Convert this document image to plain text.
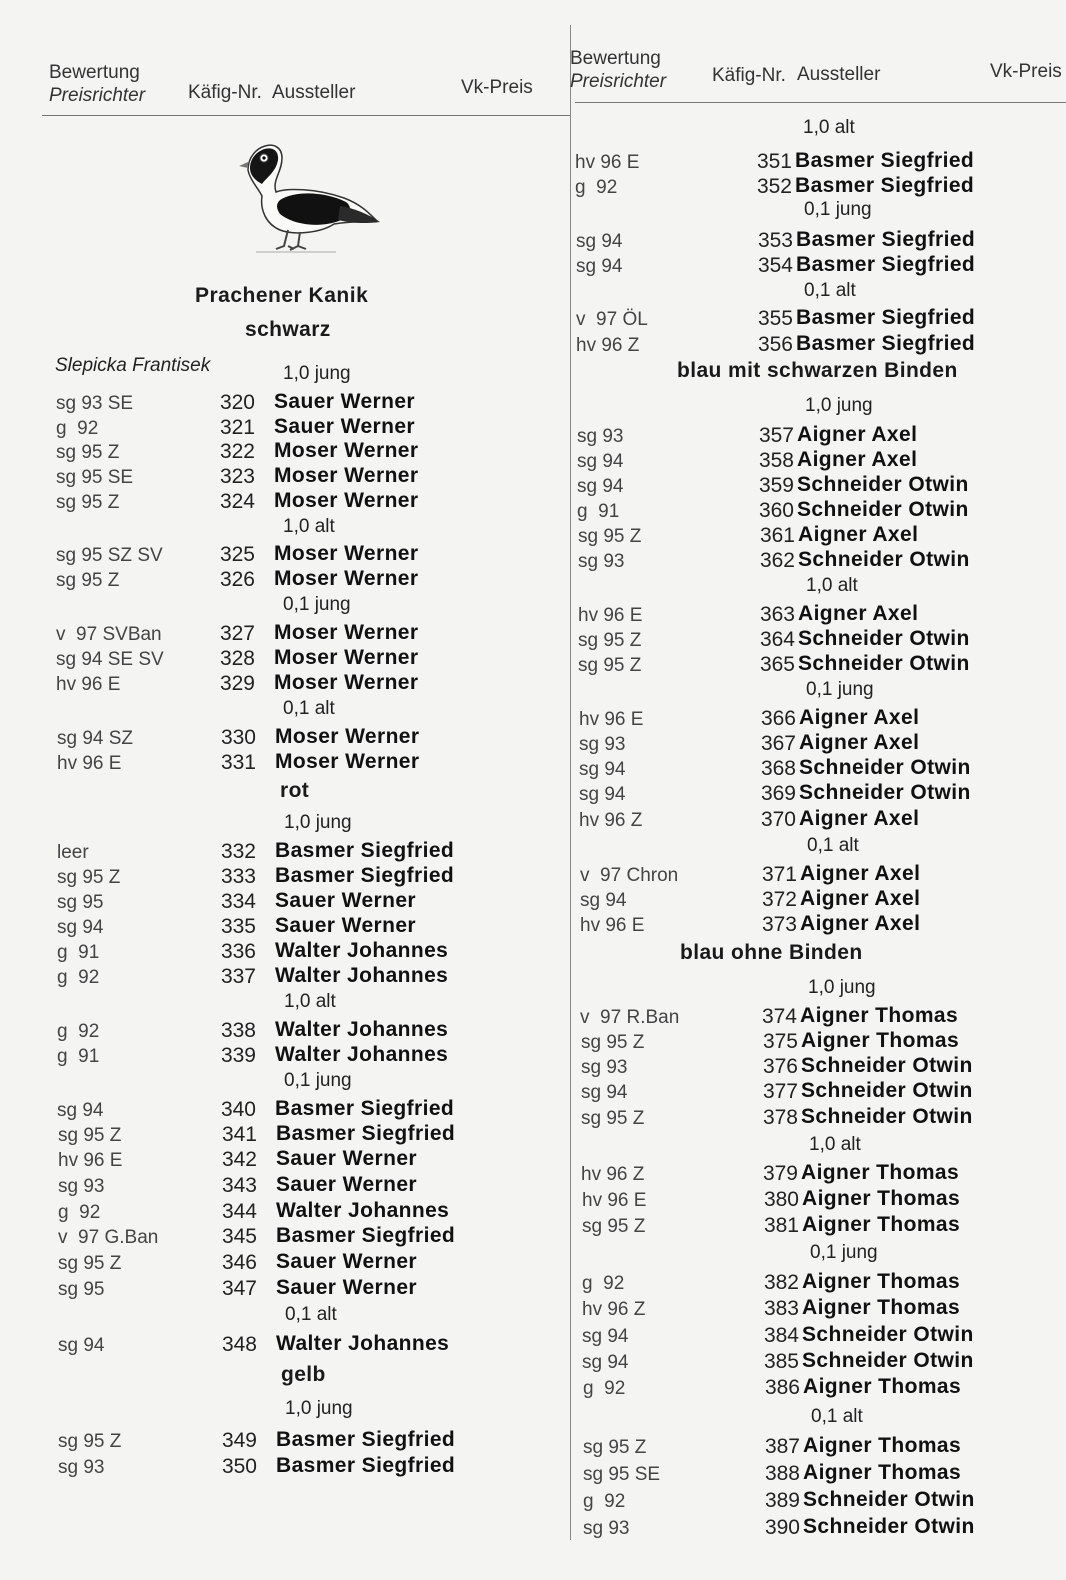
Bewertung
Preisrichter Käfig-Nr. Aussteller	Vk-Preis
Prachener Kanik
schwarz
Slepicka Frantisek	1,0 jung
sg 93 SE	320 Sauer Werner
g  92	321 Sauer Werner
sg 95 Z	322 Moser Werner
sg 95 SE	323 Moser Werner
sg 95 Z	324 Moser Werner
1,0 alt
sg 95 SZ SV	325 Moser Werner
sg 95 Z	326 Moser Werner
0,1 jung
v  97 SVBan	327 Moser Werner
sg 94 SE SV	328 Moser Werner
hv 96 E	329 Moser Werner
0,1 alt
sg 94 SZ	330 Moser Werner
hv 96 E	331 Moser Werner
rot
1,0 jung
leer	332 Basmer Siegfried
sg 95 Z	333 Basmer Siegfried
sg 95	334 Sauer Werner
sg 94	335 Sauer Werner
g  91	336 Walter Johannes
g  92	337 Walter Johannes
1,0 alt
g  92	338 Walter Johannes
g  91	339 Walter Johannes
0,1 jung
sg 94	340 Basmer Siegfried
sg 95 Z	341 Basmer Siegfried
hv 96 E	342 Sauer Werner
sg 93	343 Sauer Werner
g  92	344 Walter Johannes
v  97 G.Ban	345 Basmer Siegfried
sg 95 Z	346 Sauer Werner
sg 95	347 Sauer Werner
0,1 alt
sg 94	348 Walter Johannes
gelb
1,0 jung
sg 95 Z	349 Basmer Siegfried
sg 93	350 Basmer Siegfried
Bewertung
Preisrichter Käfig-Nr. Aussteller	Vk-Preis
1,0 alt
hv 96 E	351 Basmer Siegfried
g  92	352 Basmer Siegfried
0,1 jung
sg 94	353 Basmer Siegfried
sg 94	354 Basmer Siegfried
0,1 alt
v  97 ÖL	355 Basmer Siegfried
hv 96 Z	356 Basmer Siegfried
blau mit schwarzen Binden
1,0 jung
sg 93	357 Aigner Axel
sg 94	358 Aigner Axel
sg 94	359 Schneider Otwin
g  91	360 Schneider Otwin
sg 95 Z	361 Aigner Axel
sg 93	362 Schneider Otwin
1,0 alt
hv 96 E	363 Aigner Axel
sg 95 Z	364 Schneider Otwin
sg 95 Z	365 Schneider Otwin
0,1 jung
hv 96 E	366 Aigner Axel
sg 93	367 Aigner Axel
sg 94	368 Schneider Otwin
sg 94	369 Schneider Otwin
hv 96 Z	370 Aigner Axel
0,1 alt
v  97 Chron	371 Aigner Axel
sg 94	372 Aigner Axel
hv 96 E	373 Aigner Axel
blau ohne Binden
1,0 jung
v  97 R.Ban	374 Aigner Thomas
sg 95 Z	375 Aigner Thomas
sg 93	376 Schneider Otwin
sg 94	377 Schneider Otwin
sg 95 Z	378 Schneider Otwin
1,0 alt
hv 96 Z	379 Aigner Thomas
hv 96 E	380 Aigner Thomas
sg 95 Z	381 Aigner Thomas
0,1 jung
g  92	382 Aigner Thomas
hv 96 Z	383 Aigner Thomas
sg 94	384 Schneider Otwin
sg 94	385 Schneider Otwin
g  92	386 Aigner Thomas
0,1 alt
sg 95 Z	387 Aigner Thomas
sg 95 SE	388 Aigner Thomas
g  92	389 Schneider Otwin
sg 93	390 Schneider Otwin
